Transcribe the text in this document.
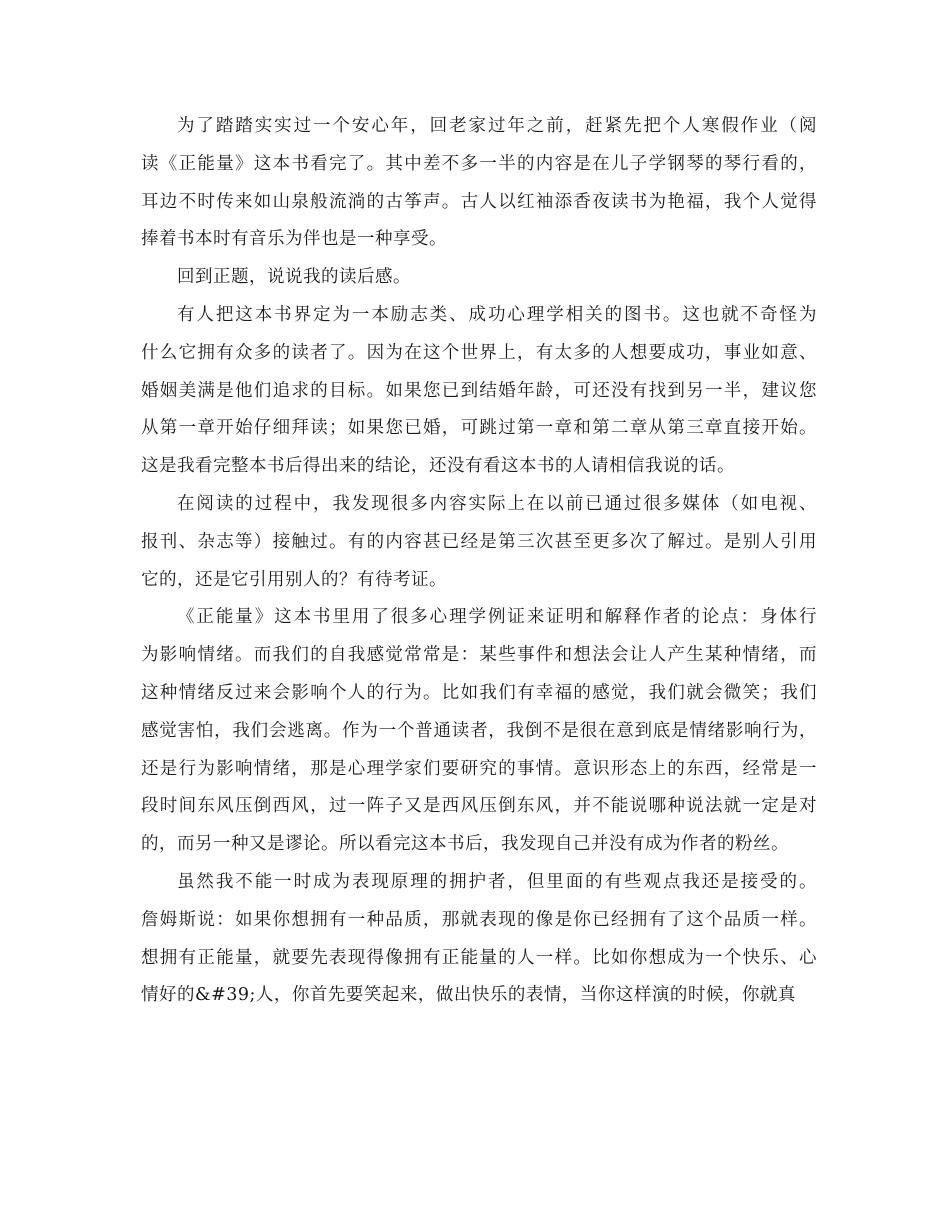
为了踏踏实实过一个安心年，回老家过年之前，赶紧先把个人寒假作业（阅
读《正能量》这本书看完了。其中差不多一半的内容是在儿子学钢琴的琴行看的，
耳边不时传来如山泉般流淌的古筝声。古人以红袖添香夜读书为艳福，我个人觉得
捧着书本时有音乐为伴也是一种享受。
回到正题，说说我的读后感。
有人把这本书界定为一本励志类、成功心理学相关的图书。这也就不奇怪为
什么它拥有众多的读者了。因为在这个世界上，有太多的人想要成功，事业如意、
婚姻美满是他们追求的目标。如果您已到结婚年龄，可还没有找到另一半，建议您
从第一章开始仔细拜读；如果您已婚，可跳过第一章和第二章从第三章直接开始。
这是我看完整本书后得出来的结论，还没有看这本书的人请相信我说的话。
在阅读的过程中，我发现很多内容实际上在以前已通过很多媒体（如电视、
报刊、杂志等）接触过。有的内容甚已经是第三次甚至更多次了解过。是别人引用
它的，还是它引用别人的？有待考证。
《正能量》这本书里用了很多心理学例证来证明和解释作者的论点：身体行
为影响情绪。而我们的自我感觉常常是：某些事件和想法会让人产生某种情绪，而
这种情绪反过来会影响个人的行为。比如我们有幸福的感觉，我们就会微笑；我们
感觉害怕，我们会逃离。作为一个普通读者，我倒不是很在意到底是情绪影响行为，
还是行为影响情绪，那是心理学家们要研究的事情。意识形态上的东西，经常是一
段时间东风压倒西风，过一阵子又是西风压倒东风，并不能说哪种说法就一定是对
的，而另一种又是谬论。所以看完这本书后，我发现自己并没有成为作者的粉丝。
虽然我不能一时成为表现原理的拥护者，但里面的有些观点我还是接受的。
詹姆斯说：如果你想拥有一种品质，那就表现的像是你已经拥有了这个品质一样。
想拥有正能量，就要先表现得像拥有正能量的人一样。比如你想成为一个快乐、心
情好的&#39;人，你首先要笑起来，做出快乐的表情，当你这样演的时候，你就真
